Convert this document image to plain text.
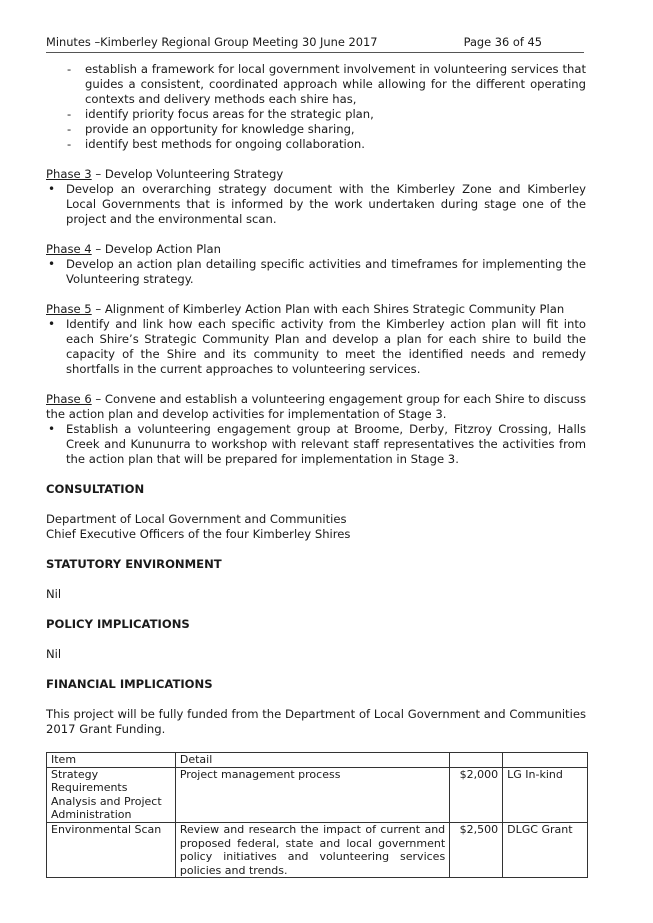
Minutes –Kimberley Regional Group Meeting 30 June 2017	Page 36 of 45
- establish a framework for local government involvement in volunteering services that guides a consistent, coordinated approach while allowing for the different operating contexts and delivery methods each shire has,
- identify priority focus areas for the strategic plan,
- provide an opportunity for knowledge sharing,
- identify best methods for ongoing collaboration.
Phase 3 – Develop Volunteering Strategy
• Develop an overarching strategy document with the Kimberley Zone and Kimberley Local Governments that is informed by the work undertaken during stage one of the project and the environmental scan.
Phase 4 – Develop Action Plan
• Develop an action plan detailing specific activities and timeframes for implementing the Volunteering strategy.
Phase 5 – Alignment of Kimberley Action Plan with each Shires Strategic Community Plan
• Identify and link how each specific activity from the Kimberley action plan will fit into each Shire’s Strategic Community Plan and develop a plan for each shire to build the capacity of the Shire and its community to meet the identified needs and remedy shortfalls in the current approaches to volunteering services.
Phase 6 – Convene and establish a volunteering engagement group for each Shire to discuss the action plan and develop activities for implementation of Stage 3.
• Establish a volunteering engagement group at Broome, Derby, Fitzroy Crossing, Halls Creek and Kununurra to workshop with relevant staff representatives the activities from the action plan that will be prepared for implementation in Stage 3.
CONSULTATION

Department of Local Government and Communities
Chief Executive Officers of the four Kimberley Shires

STATUTORY ENVIRONMENT

Nil

POLICY IMPLICATIONS

Nil

FINANCIAL IMPLICATIONS

This project will be fully funded from the Department of Local Government and Communities 2017 Grant Funding.

Item	Detail		
Strategy Requirements Analysis and Project Administration	Project management process	$2,000	LG In-kind
Environmental Scan	Review and research the impact of current and proposed federal, state and local government policy initiatives and volunteering services policies and trends.	$2,500	DLGC Grant
